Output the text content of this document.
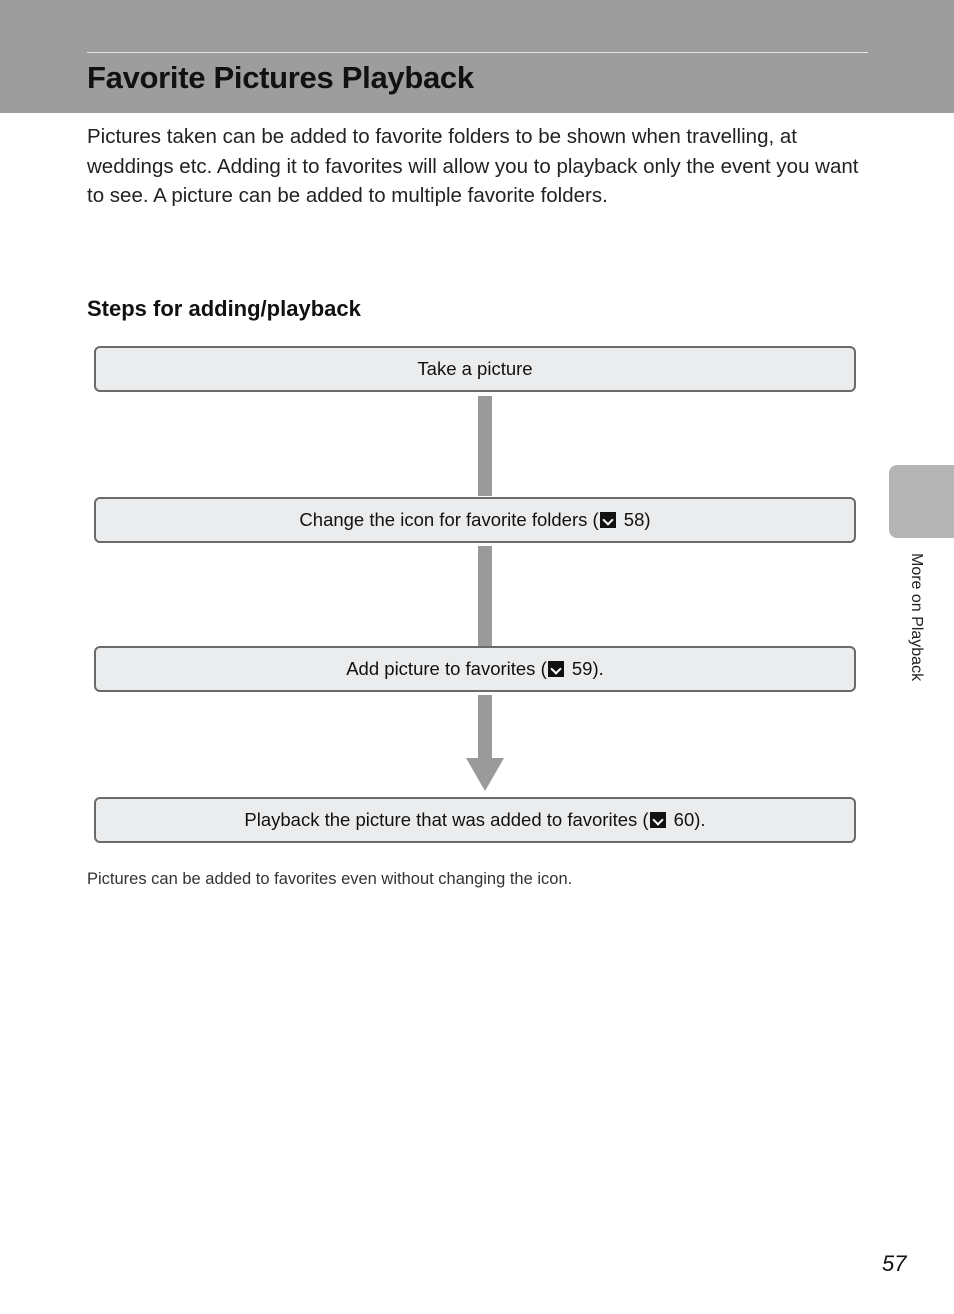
Favorite Pictures Playback

Pictures taken can be added to favorite folders to be shown when travelling, at weddings etc. Adding it to favorites will allow you to playback only the event you want to see. A picture can be added to multiple favorite folders.

Steps for adding/playback
Take a picture
Change the icon for favorite folders ( 58 )
Add picture to favorites ( 59 ).
Playback the picture that was added to favorites ( 60 ).

Pictures can be added to favorites even without changing the icon.

More on Playback
57
